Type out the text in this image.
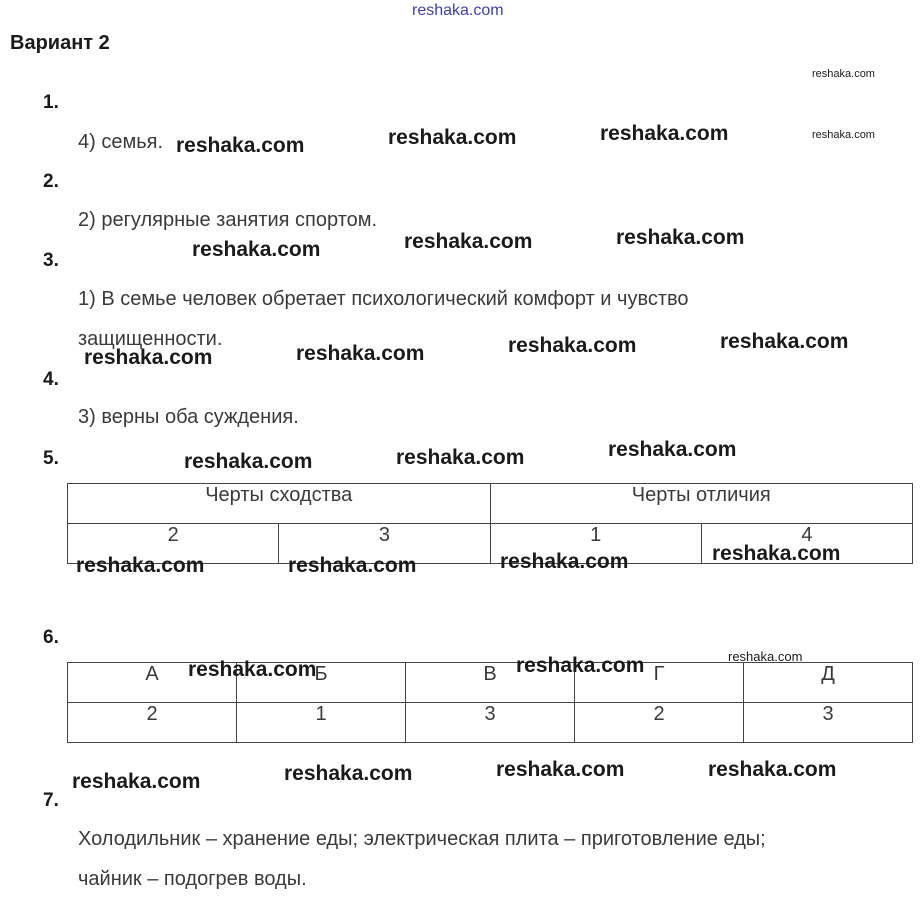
reshaka.com
Вариант 2
1.
4) семья.
2.
2) регулярные занятия спортом.
3.
1) В семье человек обретает психологический комфорт и чувство
защищенности.
4.
3) верны оба суждения.
5.
Черты сходства		Черты отличия	
2	3	1	4
6.
А	Б	В	Г	Д
2	1	3	2	3
7.
Холодильник – хранение еды; электрическая плита – приготовление еды;
чайник – подогрев воды.
reshaka.com
reshaka.com
reshaka.com	reshaka.com	reshaka.com
reshaka.com	reshaka.com	reshaka.com
reshaka.com	reshaka.com	reshaka.com	reshaka.com
reshaka.com	reshaka.com	reshaka.com
reshaka.com	reshaka.com	reshaka.com	reshaka.com
reshaka.com
reshaka.com	reshaka.com
reshaka.com	reshaka.com	reshaka.com	reshaka.com
